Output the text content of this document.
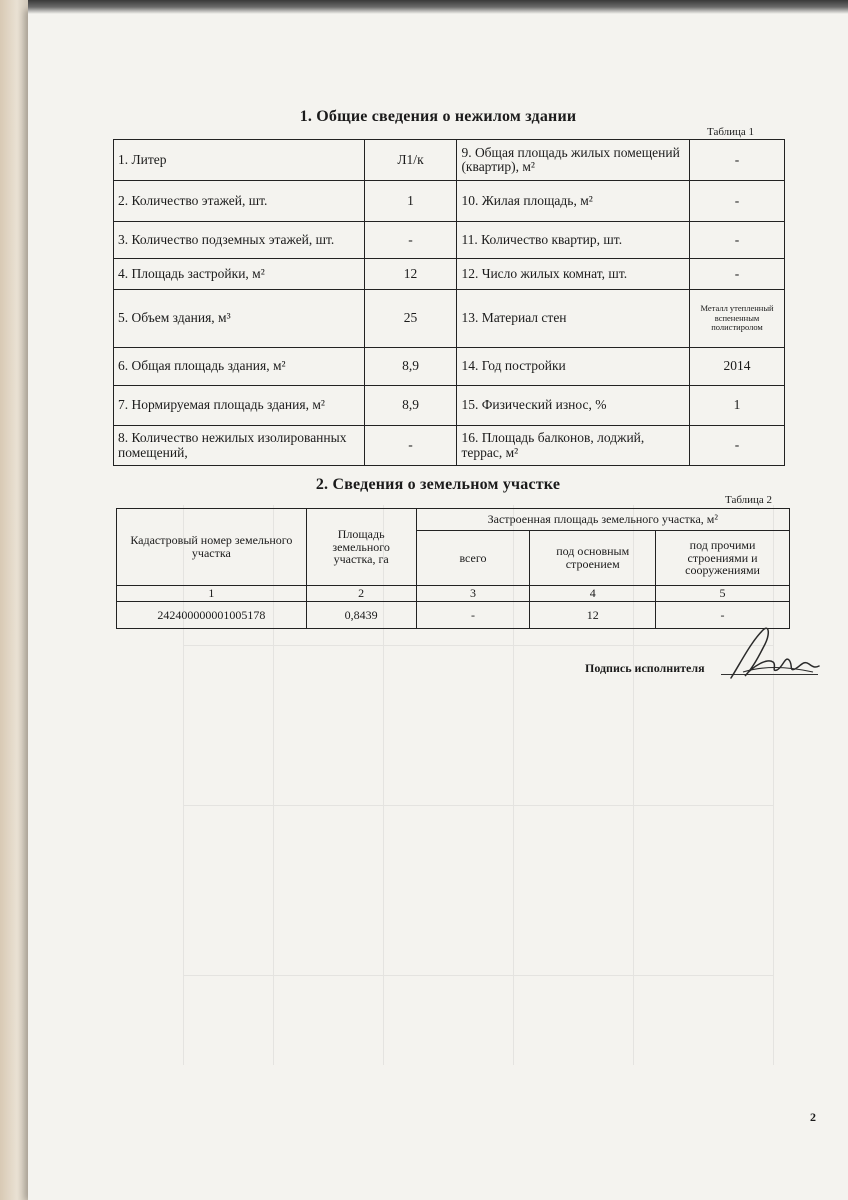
1. Общие сведения о нежилом здании
Таблица 1
1. Литер	Л1/к	9. Общая площадь жилых помещений (квартир), м²	-
2. Количество этажей, шт.	1	10. Жилая площадь, м²	-
3. Количество подземных этажей, шт.	-	11. Количество квартир, шт.	-
4. Площадь застройки, м²	12	12. Число жилых комнат, шт.	-
5. Объем здания, м³	25	13. Материал стен	Металл утепленный вспененным полистиролом
6. Общая площадь здания, м²	8,9	14. Год постройки	2014
7. Нормируемая площадь здания, м²	8,9	15. Физический износ, %	1
8. Количество нежилых изолированных помещений,	-	16. Площадь балконов, лоджий, террас, м²	-
2. Сведения о земельном участке
Таблица 2
Кадастровый номер земельного участка	Площадь земельного участка, га	Застроенная площадь земельного участка, м²		
		всего	под основным строением	под прочими строениями и сооружениями
1	2	3	4	5
242400000001005178	0,8439	-	12	-
Подпись исполнителя
2
